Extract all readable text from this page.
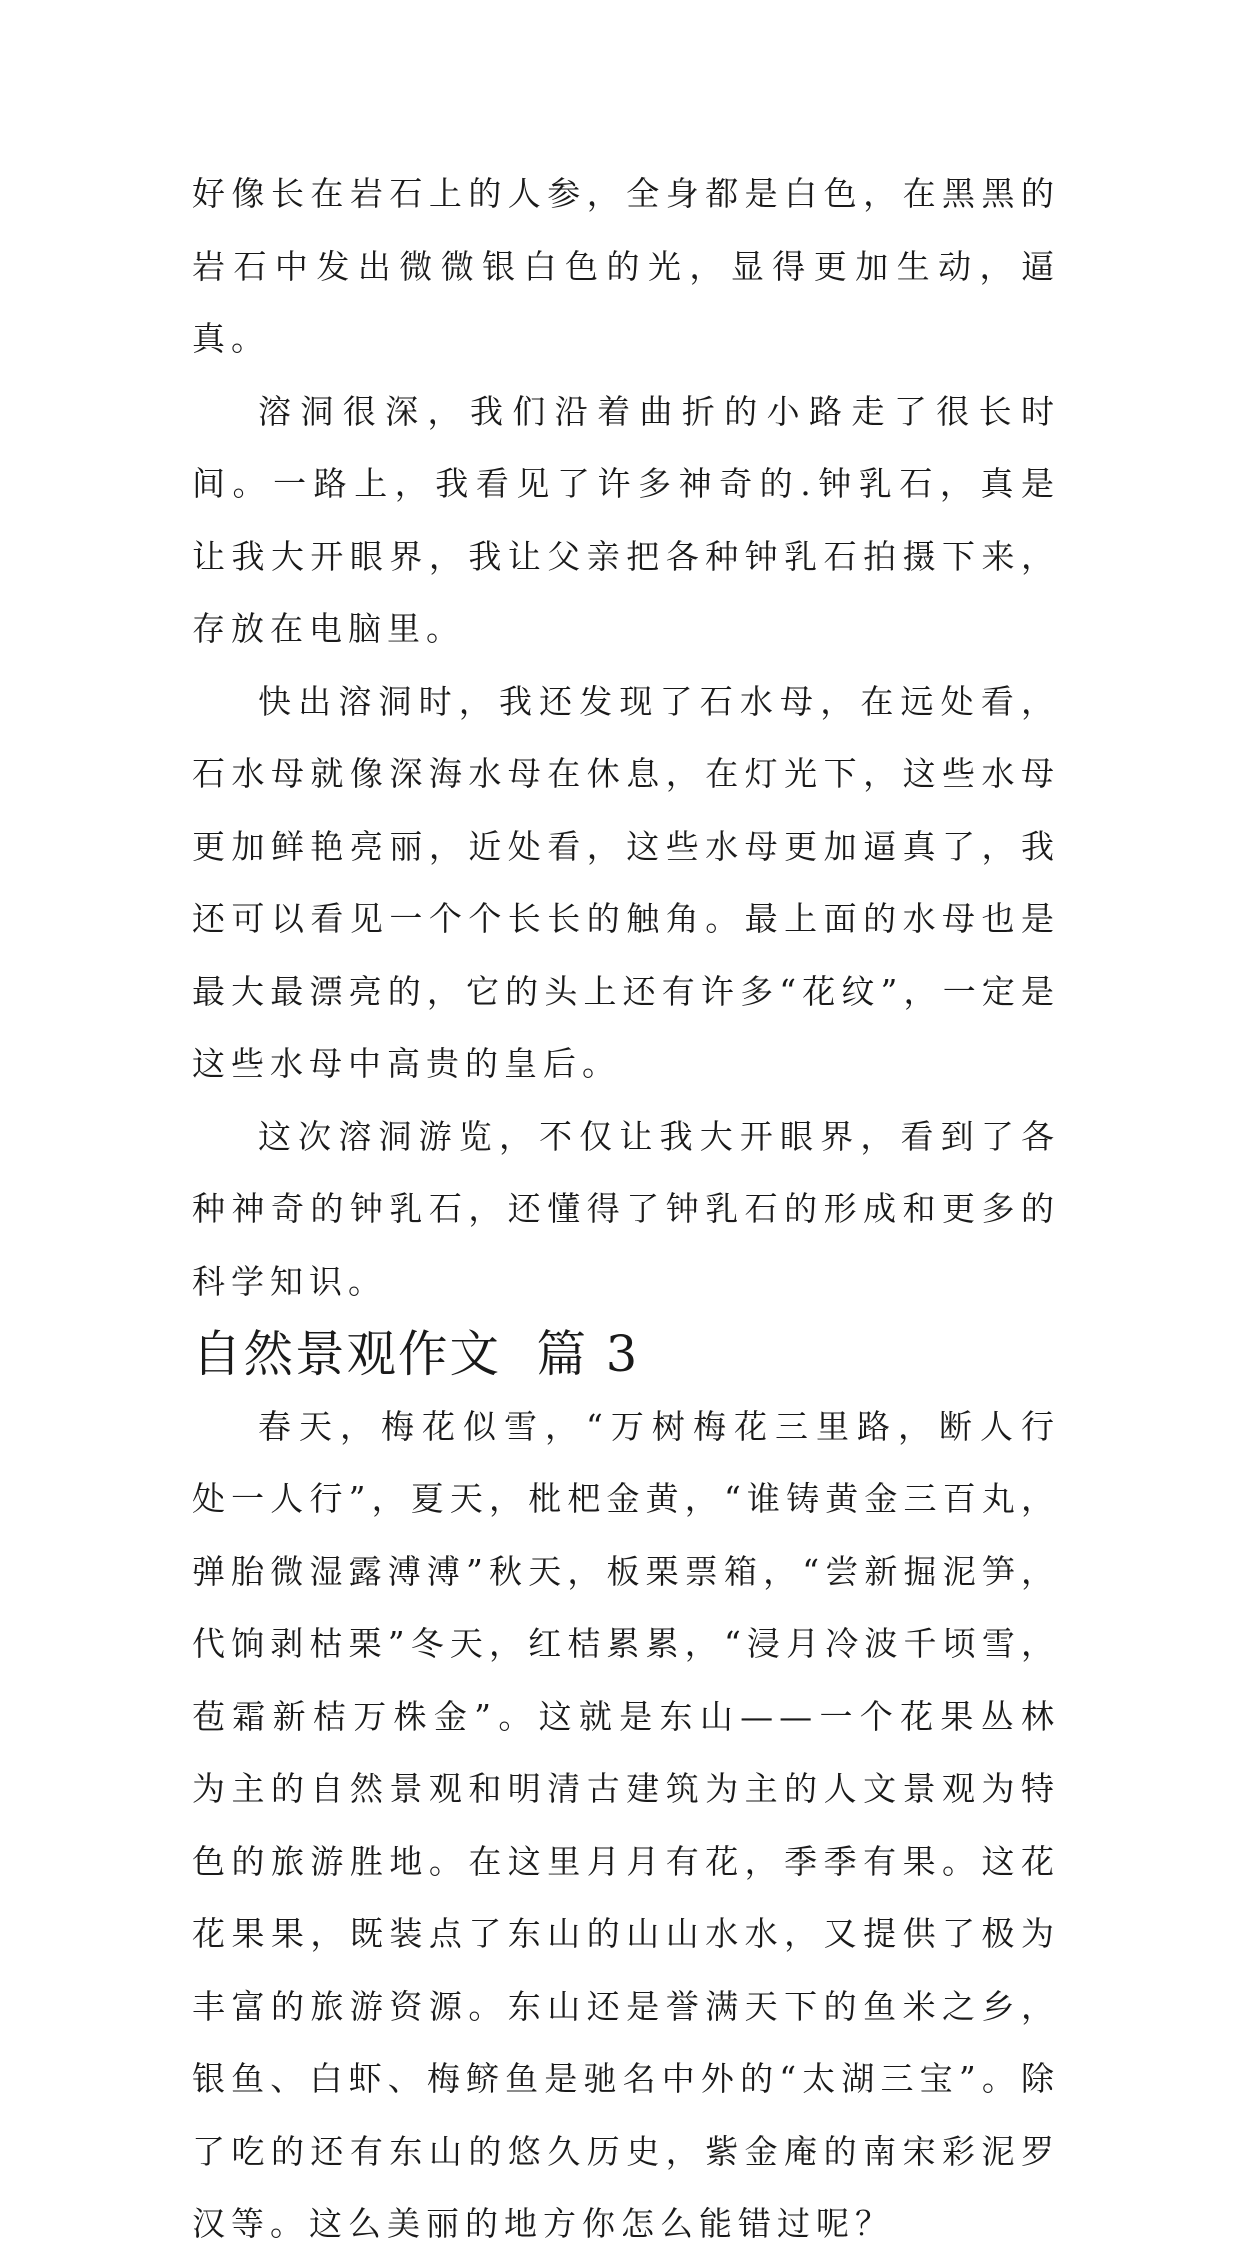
好像长在岩石上的人参，全身都是白色，在黑黑的岩石中发出微微银白色的光，显得更加生动，逼真。

溶洞很深，我们沿着曲折的小路走了很长时间。一路上，我看见了许多神奇的.钟乳石，真是让我大开眼界，我让父亲把各种钟乳石拍摄下来，存放在电脑里。

快出溶洞时，我还发现了石水母，在远处看，石水母就像深海水母在休息，在灯光下，这些水母更加鲜艳亮丽，近处看，这些水母更加逼真了，我还可以看见一个个长长的触角。最上面的水母也是最大最漂亮的，它的头上还有许多“花纹”，一定是这些水母中高贵的皇后。

这次溶洞游览，不仅让我大开眼界，看到了各种神奇的钟乳石，还懂得了钟乳石的形成和更多的科学知识。

自然景观作文  篇 3

春天，梅花似雪，“万树梅花三里路，断人行处一人行”，夏天，枇杷金黄，“谁铸黄金三百丸，弹胎微湿露溥溥”秋天，板栗票箱，“尝新掘泥笋，代饷剥枯栗”冬天，红桔累累，“浸月冷波千顷雪，苞霜新桔万株金”。这就是东山——一个花果丛林为主的自然景观和明清古建筑为主的人文景观为特色的旅游胜地。在这里月月有花，季季有果。这花花果果，既装点了东山的山山水水，又提供了极为丰富的旅游资源。东山还是誉满天下的鱼米之乡，银鱼、白虾、梅鲚鱼是驰名中外的“太湖三宝”。除了吃的还有东山的悠久历史，紫金庵的南宋彩泥罗汉等。这么美丽的地方你怎么能错过呢？
